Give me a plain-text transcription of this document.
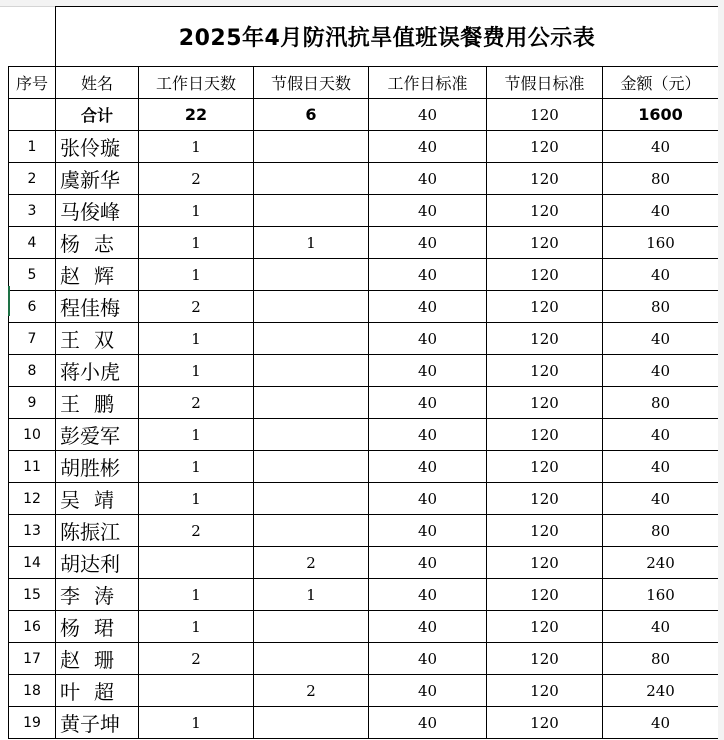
	2025年4月防汛抗旱值班误餐费用公示表					
序号	姓名	工作日天数	节假日天数	工作日标准	节假日标准	金额（元）
	合计	22	6	40	120	1600
1	张伶璇	1		40	120	40
2	虞新华	2		40	120	80
3	马俊峰	1		40	120	40
4	杨志	1	1	40	120	160
5	赵辉	1		40	120	40
6	程佳梅	2		40	120	80
7	王双	1		40	120	40
8	蒋小虎	1		40	120	40
9	王鹏	2		40	120	80
10	彭爱军	1		40	120	40
11	胡胜彬	1		40	120	40
12	吴靖	1		40	120	40
13	陈振江	2		40	120	80
14	胡达利		2	40	120	240
15	李涛	1	1	40	120	160
16	杨珺	1		40	120	40
17	赵珊	2		40	120	80
18	叶超		2	40	120	240
19	黄子坤	1		40	120	40
